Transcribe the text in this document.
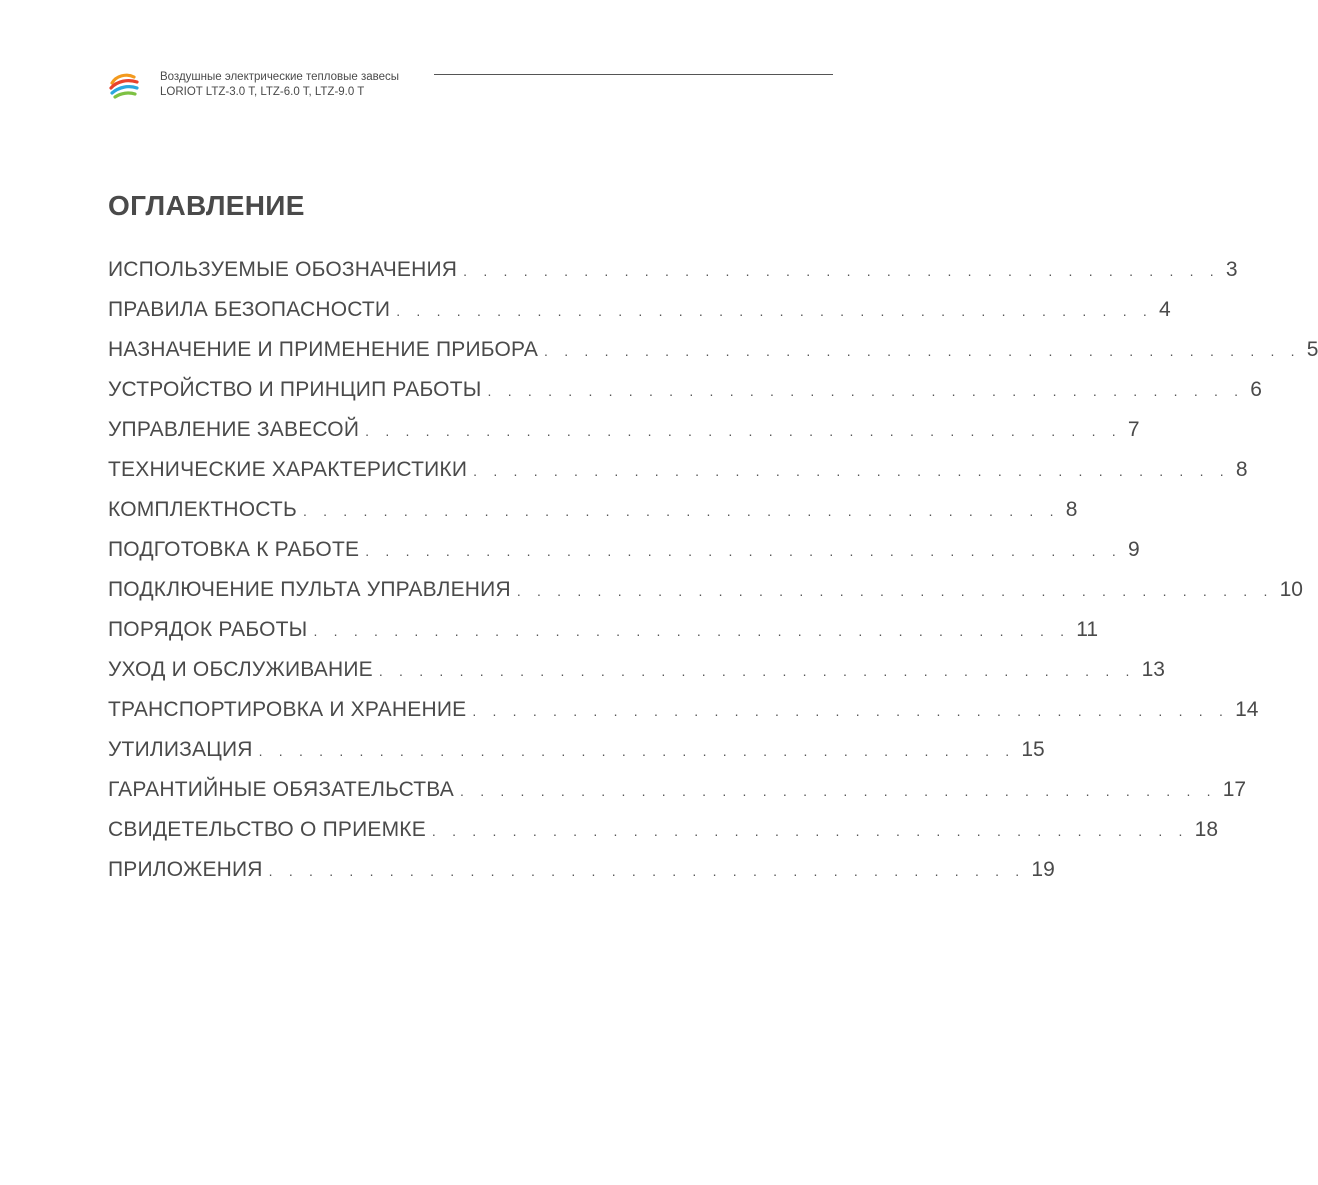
Воздушные электрические тепловые завесы
LORIOT LTZ-3.0 T, LTZ-6.0 T, LTZ-9.0 T
ОГЛАВЛЕНИЕ
ИСПОЛЬЗУЕМЫЕ ОБОЗНАЧЕНИЯ . . . . . . . . . . . . . . . . . . . . . . . . . . . . . . . . . . . . . . 3
ПРАВИЛА БЕЗОПАСНОСТИ . . . . . . . . . . . . . . . . . . . . . . . . . . . . . . . . . . . . . . 4
НАЗНАЧЕНИЕ И ПРИМЕНЕНИЕ ПРИБОРА . . . . . . . . . . . . . . . . . . . . . . . . . . . . . . . . . . . . . . 5
УСТРОЙСТВО И ПРИНЦИП РАБОТЫ . . . . . . . . . . . . . . . . . . . . . . . . . . . . . . . . . . . . . . 6
УПРАВЛЕНИЕ ЗАВЕСОЙ . . . . . . . . . . . . . . . . . . . . . . . . . . . . . . . . . . . . . . 7
ТЕХНИЧЕСКИЕ ХАРАКТЕРИСТИКИ . . . . . . . . . . . . . . . . . . . . . . . . . . . . . . . . . . . . . . 8
КОМПЛЕКТНОСТЬ . . . . . . . . . . . . . . . . . . . . . . . . . . . . . . . . . . . . . . 8
ПОДГОТОВКА К РАБОТЕ . . . . . . . . . . . . . . . . . . . . . . . . . . . . . . . . . . . . . . 9
ПОДКЛЮЧЕНИЕ ПУЛЬТА УПРАВЛЕНИЯ . . . . . . . . . . . . . . . . . . . . . . . . . . . . . . . . . . . . . . 10
ПОРЯДОК РАБОТЫ . . . . . . . . . . . . . . . . . . . . . . . . . . . . . . . . . . . . . . 11
УХОД И ОБСЛУЖИВАНИЕ . . . . . . . . . . . . . . . . . . . . . . . . . . . . . . . . . . . . . . 13
ТРАНСПОРТИРОВКА И ХРАНЕНИЕ . . . . . . . . . . . . . . . . . . . . . . . . . . . . . . . . . . . . . . 14
УТИЛИЗАЦИЯ . . . . . . . . . . . . . . . . . . . . . . . . . . . . . . . . . . . . . . 15
ГАРАНТИЙНЫЕ ОБЯЗАТЕЛЬСТВА . . . . . . . . . . . . . . . . . . . . . . . . . . . . . . . . . . . . . . 17
СВИДЕТЕЛЬСТВО О ПРИЕМКЕ . . . . . . . . . . . . . . . . . . . . . . . . . . . . . . . . . . . . . . 18
ПРИЛОЖЕНИЯ . . . . . . . . . . . . . . . . . . . . . . . . . . . . . . . . . . . . . . 19
